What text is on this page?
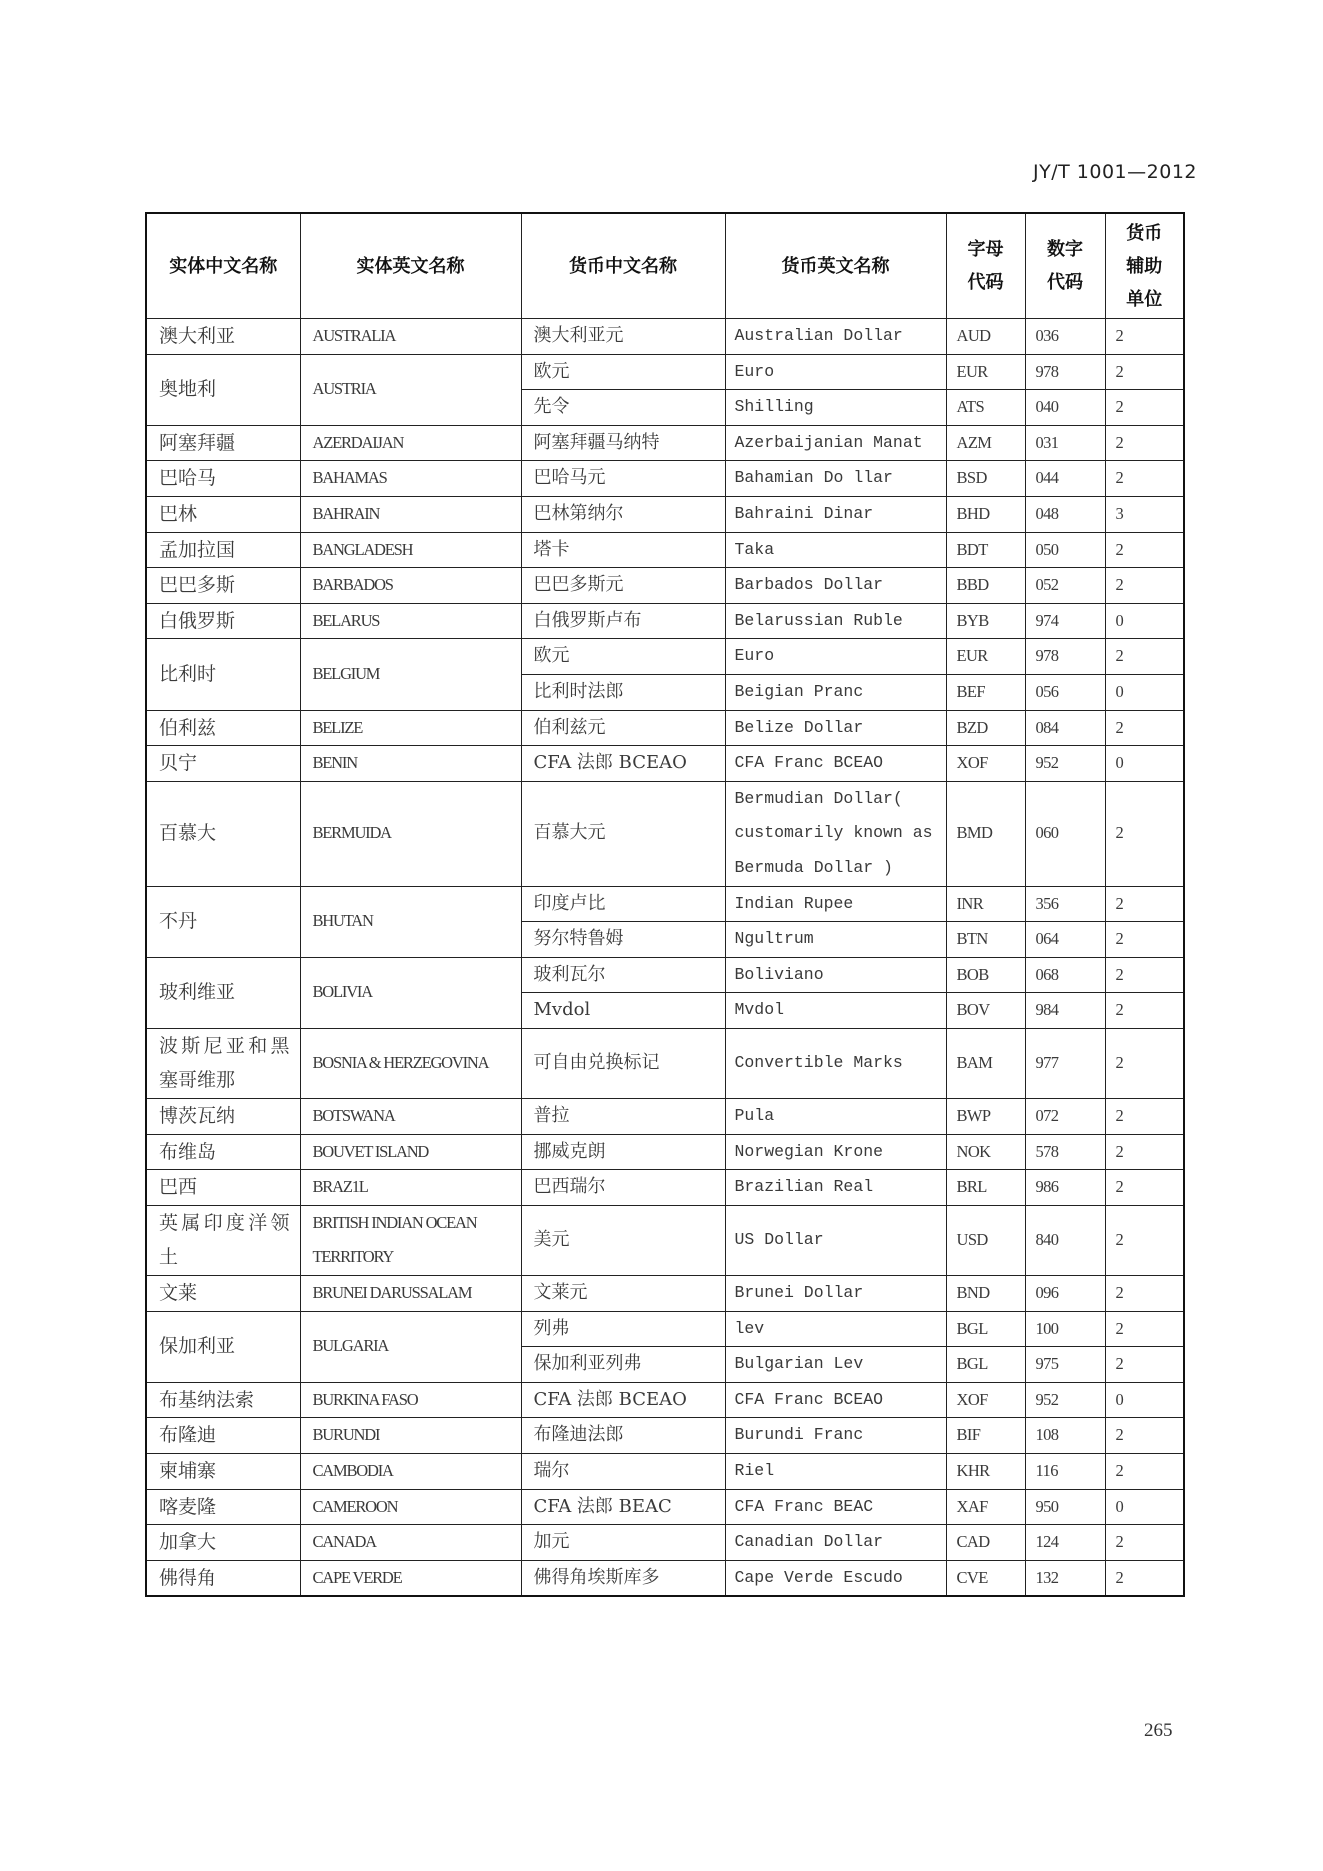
JY/T 1001—2012
实体中文名称	实体英文名称	货币中文名称	货币英文名称	字母代码	数字代码	货币辅助单位
澳大利亚	AUSTRALIA	澳大利亚元	Australian Dollar	AUD	036	2
奥地利	AUSTRIA	欧元	Euro	EUR	978	2
		先令	Shilling	ATS	040	2
阿塞拜疆	AZERDAIJAN	阿塞拜疆马纳特	Azerbaijanian Manat	AZM	031	2
巴哈马	BAHAMAS	巴哈马元	Bahamian Do llar	BSD	044	2
巴林	BAHRAIN	巴林第纳尔	Bahraini Dinar	BHD	048	3
孟加拉国	BANGLADESH	塔卡	Taka	BDT	050	2
巴巴多斯	BARBADOS	巴巴多斯元	Barbados Dollar	BBD	052	2
白俄罗斯	BELARUS	白俄罗斯卢布	Belarussian Ruble	BYB	974	0
比利时	BELGIUM	欧元	Euro	EUR	978	2
		比利时法郎	Beigian Pranc	BEF	056	0
伯利兹	BELIZE	伯利兹元	Belize Dollar	BZD	084	2
贝宁	BENIN	CFA 法郎 BCEAO	CFA Franc BCEAO	XOF	952	0
百慕大	BERMUIDA	百慕大元	Bermudian Dollar( customarily known as Bermuda Dollar )	BMD	060	2
不丹	BHUTAN	印度卢比	Indian Rupee	INR	356	2
		努尔特鲁姆	Ngultrum	BTN	064	2
玻利维亚	BOLIVIA	玻利瓦尔	Boliviano	BOB	068	2
		Mvdol	Mvdol	BOV	984	2
波斯尼亚和黑塞哥维那	BOSNIA & HERZEGOVINA	可自由兑换标记	Convertible Marks	BAM	977	2
博茨瓦纳	BOTSWANA	普拉	Pula	BWP	072	2
布维岛	BOUVET ISLAND	挪威克朗	Norwegian Krone	NOK	578	2
巴西	BRAZ1L	巴西瑞尔	Brazilian Real	BRL	986	2
英属印度洋领土	BRITISH INDIAN OCEAN TERRITORY	美元	US Dollar	USD	840	2
文莱	BRUNEI DARUSSALAM	文莱元	Brunei Dollar	BND	096	2
保加利亚	BULGARIA	列弗	lev	BGL	100	2
		保加利亚列弗	Bulgarian Lev	BGL	975	2
布基纳法索	BURKINA FASO	CFA 法郎 BCEAO	CFA Franc BCEAO	XOF	952	0
布隆迪	BURUNDI	布隆迪法郎	Burundi Franc	BIF	108	2
柬埔寨	CAMBODIA	瑞尔	Riel	KHR	116	2
喀麦隆	CAMEROON	CFA 法郎 BEAC	CFA Franc BEAC	XAF	950	0
加拿大	CANADA	加元	Canadian Dollar	CAD	124	2
佛得角	CAPE VERDE	佛得角埃斯库多	Cape Verde Escudo	CVE	132	2
265
